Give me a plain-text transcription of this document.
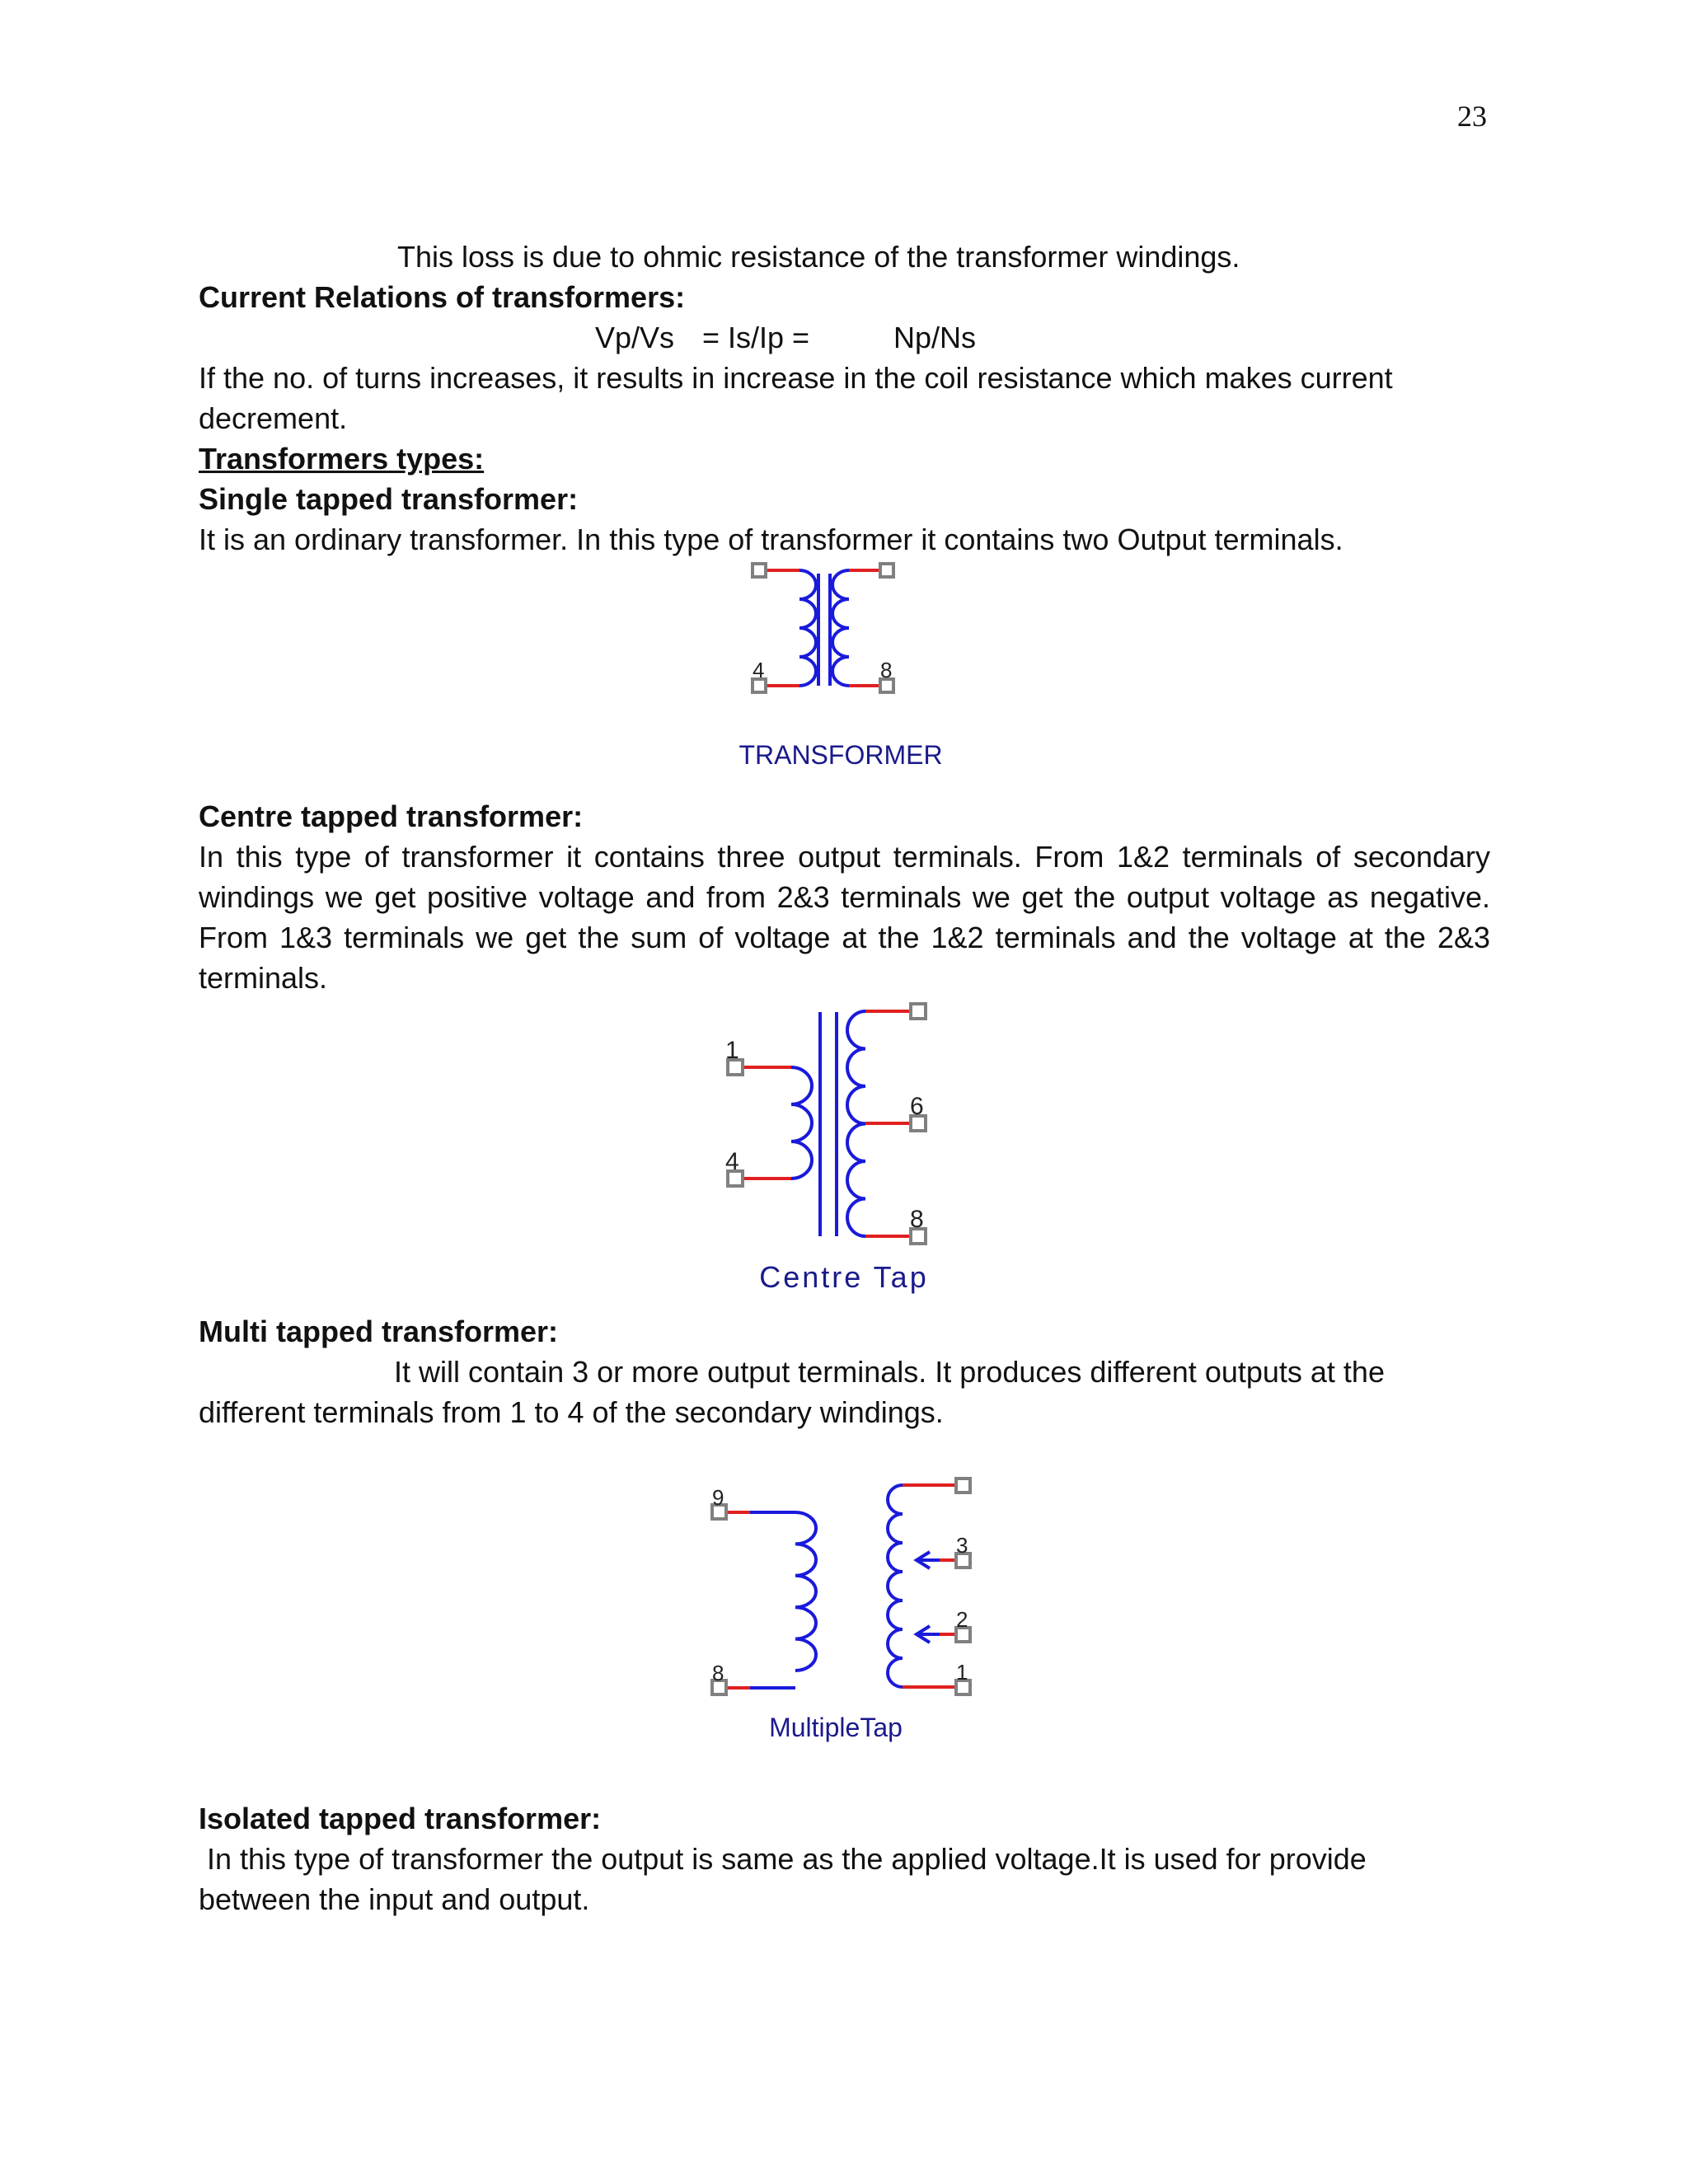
23
This loss is due to ohmic resistance of the transformer windings.
Current Relations of transformers:
Vp/Vs = Is/Ip =	Np/Ns
If the no. of turns increases, it results in increase in the coil resistance which makes current decrement.
Transformers types:
Single tapped transformer:
It is an ordinary transformer. In this type of transformer it contains two Output terminals.
4	8
TRANSFORMER
Centre tapped transformer:
In this type of transformer it contains three output terminals. From 1&2 terminals of secondary windings we get positive voltage and from 2&3 terminals we get the output voltage as negative. From 1&3 terminals we get the sum of voltage at the 1&2 terminals and the voltage at the 2&3 terminals.
1
4
6
8
Centre Tap
Multi tapped transformer:
It will contain 3 or more output terminals. It produces different outputs at the
different terminals from 1 to 4 of the secondary windings.
9
8
3
2
1
MultipleTap
Isolated tapped transformer:
In this type of transformer the output is same as the applied voltage.It is used for provide
between the input and output.
